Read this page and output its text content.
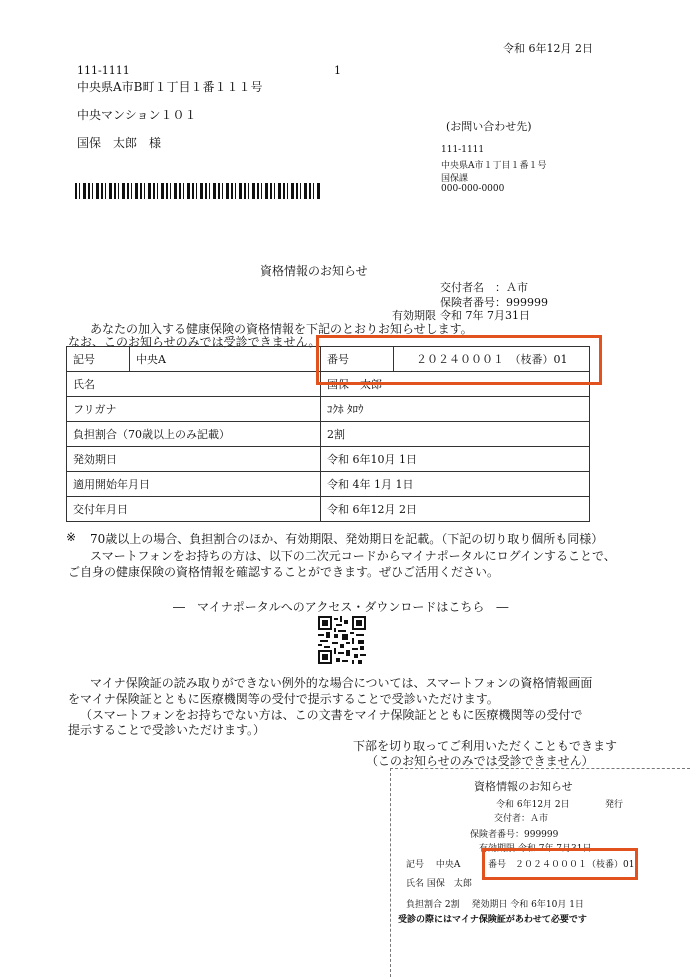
令和 6年12月 2日
111-1111	1
中央県A市B町１丁目１番１１１号
中央マンション１０１
国保　太郎　様
(お問い合わせ先)
111-1111
中央県A市１丁目１番１号
国保課
000-000-0000
資格情報のお知らせ
交付者名　：Ａ市
保険者番号：999999
有効期限 令和 7年 7月31日
あなたの加入する健康保険の資格情報を下記のとおりお知らせします。
なお、このお知らせのみでは受診できません。
記号	中央A	番号	２０２４０００１　（枝番）01
氏名		国保　太郎	
フリガナ		ｺｸﾎ ﾀﾛｳ	
負担割合（70歳以上のみ記載）		2割	
発効期日		令和 6年10月 1日	
適用開始年月日		令和 4年 1月 1日	
交付年月日		令和 6年12月 2日	
※ 70歳以上の場合、負担割合のほか、有効期限、発効期日を記載。（下記の切り取り個所も同様）
スマートフォンをお持ちの方は、以下の二次元コードからマイナポータルにログインすることで、
ご自身の健康保険の資格情報を確認することができます。ぜひご活用ください。
―　マイナポータルへのアクセス・ダウンロードはこちら　―
マイナ保険証の読み取りができない例外的な場合については、スマートフォンの資格情報画面
をマイナ保険証とともに医療機関等の受付で提示することで受診いただけます。
（スマートフォンをお持ちでない方は、この文書をマイナ保険証とともに医療機関等の受付で
提示することで受診いただけます。）
下部を切り取ってご利用いただくこともできます
（このお知らせのみでは受診できません）
資格情報のお知らせ
令和 6年12月 2日	発行
交付者：Ａ市
保険者番号：999999
有効期限 令和 7年 7月31日
記号　 中央A	番号　２０２４０００１（枝番）01
氏名 国保　太郎
負担割合 2割　 発効期日 令和 6年10月 1日
受診の際にはマイナ保険証があわせて必要です
